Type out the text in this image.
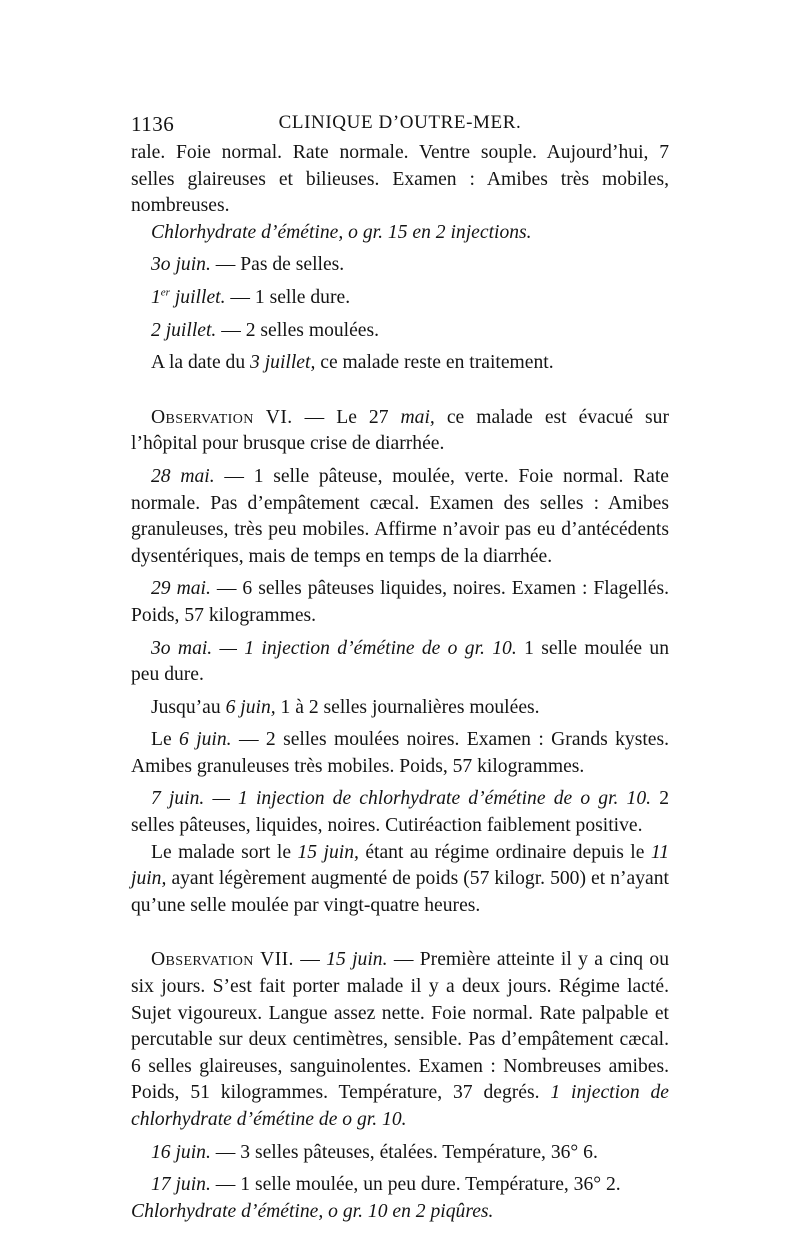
1136	CLINIQUE D’OUTRE-MER.

rale. Foie normal. Rate normale. Ventre souple. Aujourd’hui, 7 selles glaireuses et bilieuses. Examen : Amibes très mobiles, nombreuses.

Chlorhydrate d’émétine, o gr. 15 en 2 injections.

3o juin. — Pas de selles.

1er juillet. — 1 selle dure.

2 juillet. — 2 selles moulées.

A la date du 3 juillet, ce malade reste en traitement.

Observation VI. — Le 27 mai, ce malade est évacué sur l’hôpital pour brusque crise de diarrhée.

28 mai. — 1 selle pâteuse, moulée, verte. Foie normal. Rate normale. Pas d’empâtement cæcal. Examen des selles : Amibes granuleuses, très peu mobiles. Affirme n’avoir pas eu d’antécédents dysentériques, mais de temps en temps de la diarrhée.

29 mai. — 6 selles pâteuses liquides, noires. Examen : Flagellés. Poids, 57 kilogrammes.

3o mai. — 1 injection d’émétine de o gr. 10. 1 selle moulée un peu dure.

Jusqu’au 6 juin, 1 à 2 selles journalières moulées.

Le 6 juin. — 2 selles moulées noires. Examen : Grands kystes. Amibes granuleuses très mobiles. Poids, 57 kilogrammes.

7 juin. — 1 injection de chlorhydrate d’émétine de o gr. 10. 2 selles pâteuses, liquides, noires. Cutiréaction faiblement positive.

Le malade sort le 15 juin, étant au régime ordinaire depuis le 11 juin, ayant légèrement augmenté de poids (57 kilogr. 500) et n’ayant qu’une selle moulée par vingt-quatre heures.

Observation VII. — 15 juin. — Première atteinte il y a cinq ou six jours. S’est fait porter malade il y a deux jours. Régime lacté. Sujet vigoureux. Langue assez nette. Foie normal. Rate palpable et percutable sur deux centimètres, sensible. Pas d’empâtement cæcal. 6 selles glaireuses, sanguinolentes. Examen : Nombreuses amibes. Poids, 51 kilogrammes. Température, 37 degrés. 1 injection de chlorhydrate d’émétine de o gr. 10.

16 juin. — 3 selles pâteuses, étalées. Température, 36° 6.

17 juin. — 1 selle moulée, un peu dure. Température, 36° 2.

Chlorhydrate d’émétine, o gr. 10 en 2 piqûres.
